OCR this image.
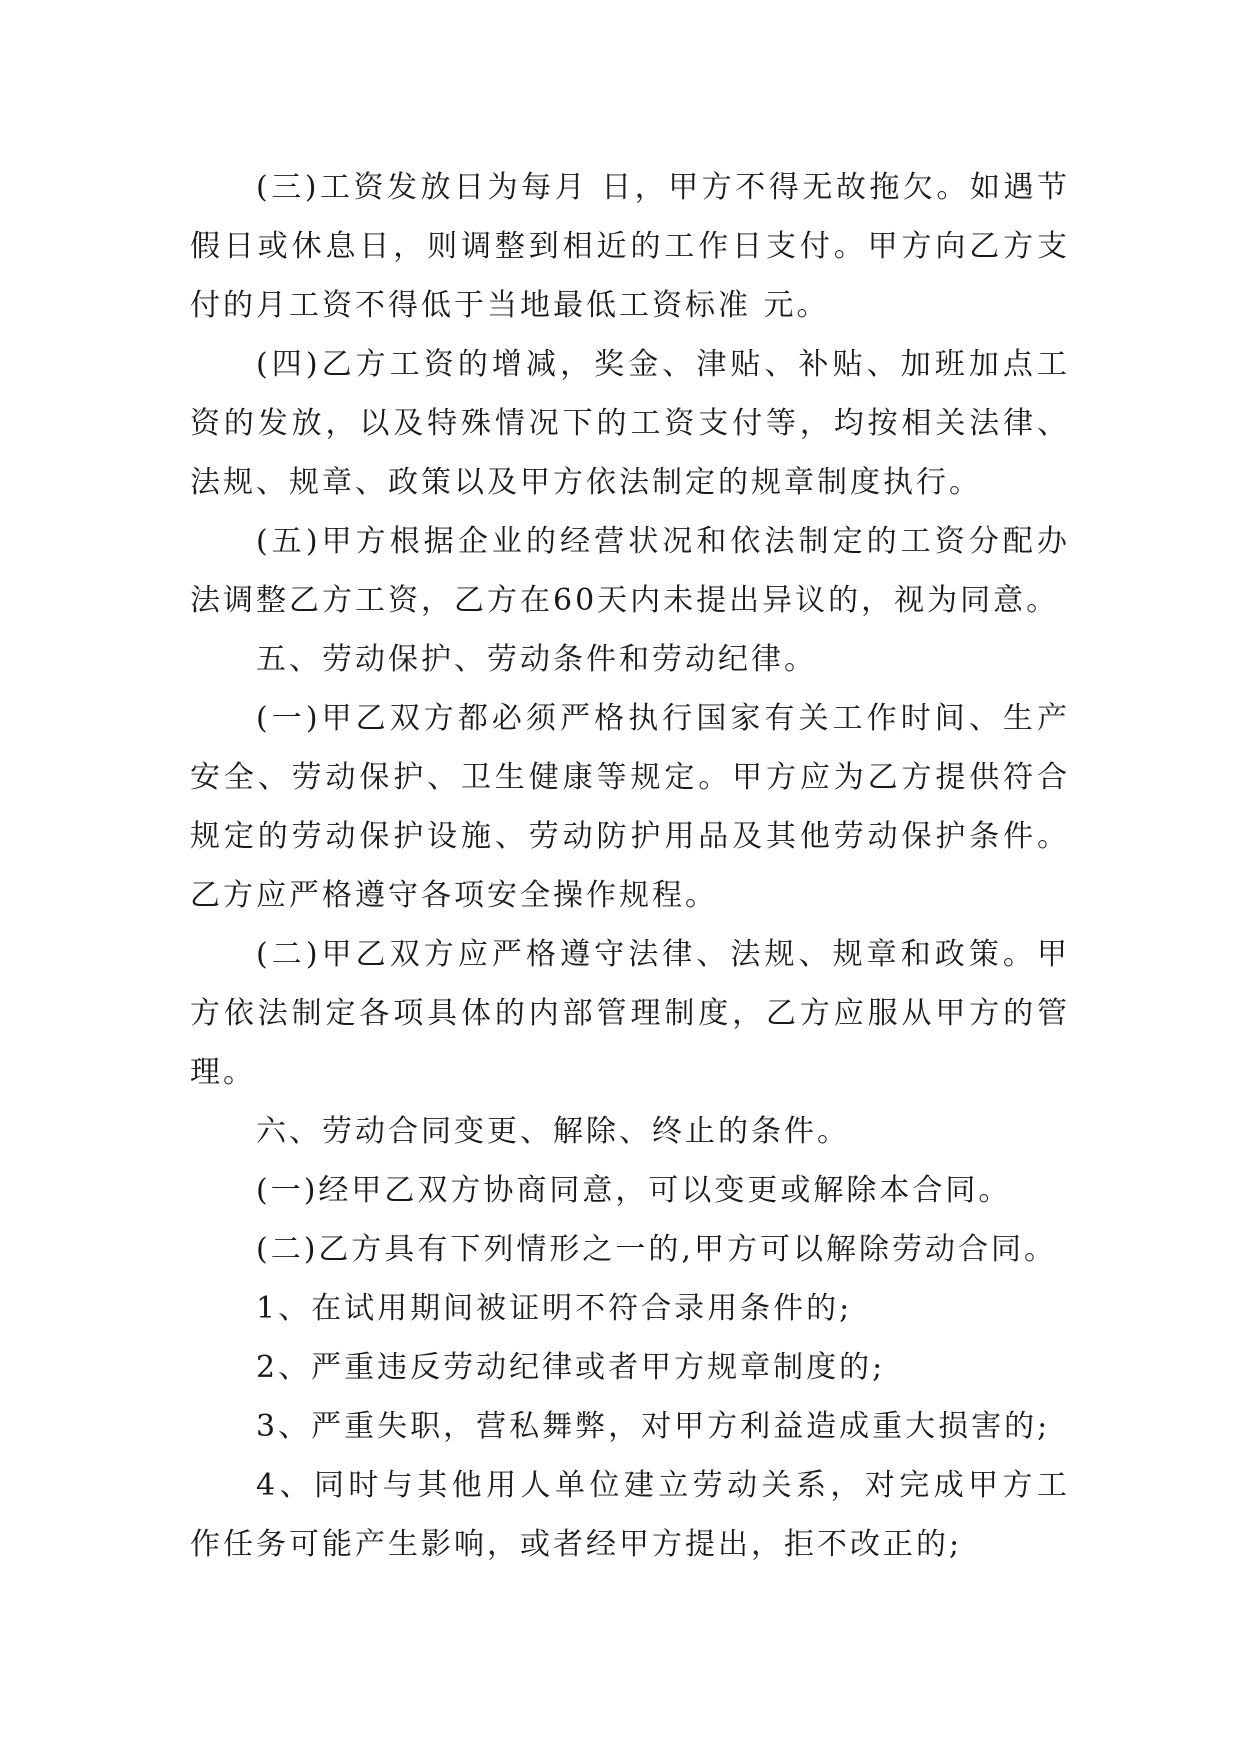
(三)工资发放日为每月 日，甲方不得无故拖欠。如遇节假日或休息日，则调整到相近的工作日支付。甲方向乙方支付的月工资不得低于当地最低工资标准 元。

(四)乙方工资的增减，奖金、津贴、补贴、加班加点工资的发放，以及特殊情况下的工资支付等，均按相关法律、法规、规章、政策以及甲方依法制定的规章制度执行。

(五)甲方根据企业的经营状况和依法制定的工资分配办法调整乙方工资，乙方在60天内未提出异议的，视为同意。

五、劳动保护、劳动条件和劳动纪律。

(一)甲乙双方都必须严格执行国家有关工作时间、生产安全、劳动保护、卫生健康等规定。甲方应为乙方提供符合规定的劳动保护设施、劳动防护用品及其他劳动保护条件。乙方应严格遵守各项安全操作规程。

(二)甲乙双方应严格遵守法律、法规、规章和政策。甲方依法制定各项具体的内部管理制度，乙方应服从甲方的管理。

六、劳动合同变更、解除、终止的条件。

(一)经甲乙双方协商同意，可以变更或解除本合同。

(二)乙方具有下列情形之一的,甲方可以解除劳动合同。

1、在试用期间被证明不符合录用条件的;

2、严重违反劳动纪律或者甲方规章制度的;

3、严重失职，营私舞弊，对甲方利益造成重大损害的;

4、同时与其他用人单位建立劳动关系，对完成甲方工作任务可能产生影响，或者经甲方提出，拒不改正的;
